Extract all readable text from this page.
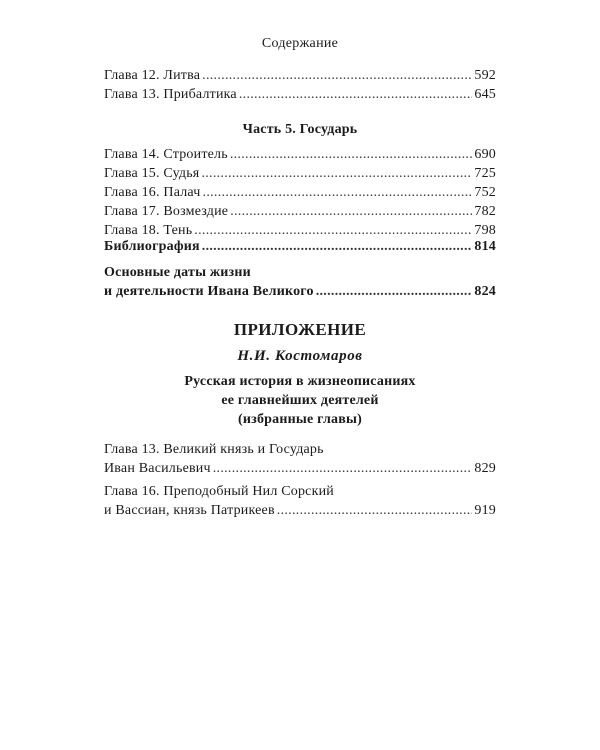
Содержание
Глава 12. Литва .....	592
Глава 13. Прибалтика .....	645
Часть 5. Государь
Глава 14. Строитель .....	690
Глава 15. Судья .....	725
Глава 16. Палач .....	752
Глава 17. Возмездие .....	782
Глава 18. Тень .....	798
Библиография .....	814
Основные даты жизни
и деятельности Ивана Великого .....	824
ПРИЛОЖЕНИЕ
Н.И. Костомаров
Русская история в жизнеописаниях
ее главнейших деятелей
(избранные главы)
Глава 13. Великий князь и Государь
Иван Васильевич .....	829
Глава 16. Преподобный Нил Сорский
и Вассиан, князь Патрикеев .....	919
